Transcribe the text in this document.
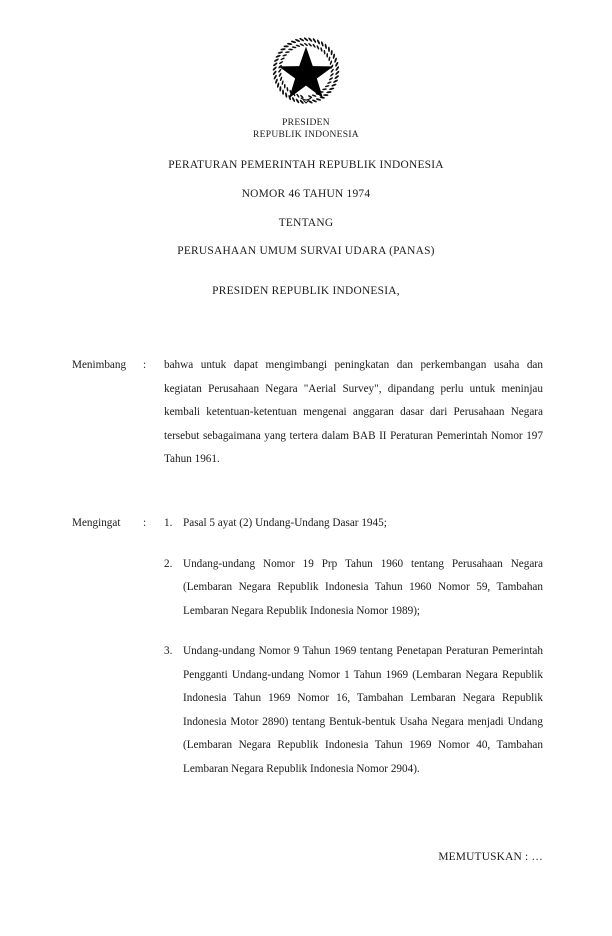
PRESIDEN
REPUBLIK INDONESIA
PERATURAN PEMERINTAH REPUBLIK INDONESIA
NOMOR 46 TAHUN 1974
TENTANG
PERUSAHAAN UMUM SURVAI UDARA (PANAS)
PRESIDEN REPUBLIK INDONESIA,
Menimbang	:	bahwa untuk dapat mengimbangi peningkatan dan perkembangan usaha dan kegiatan Perusahaan Negara "Aerial Survey", dipandang perlu untuk meninjau kembali ketentuan-ketentuan mengenai anggaran dasar dari Perusahaan Negara tersebut sebagaimana yang tertera dalam BAB II Peraturan Pemerintah Nomor 197 Tahun 1961.

Mengingat	:	1. Pasal 5 ayat (2) Undang-Undang Dasar 1945;
2. Undang-undang Nomor 19 Prp Tahun 1960 tentang Perusahaan Negara (Lembaran Negara Republik Indonesia Tahun 1960 Nomor 59, Tambahan Lembaran Negara Republik Indonesia Nomor 1989);
3. Undang-undang Nomor 9 Tahun 1969 tentang Penetapan Peraturan Pemerintah Pengganti Undang-undang Nomor 1 Tahun 1969 (Lembaran Negara Republik Indonesia Tahun 1969 Nomor 16, Tambahan Lembaran Negara Republik Indonesia Motor 2890) tentang Bentuk-bentuk Usaha Negara menjadi Undang (Lembaran Negara Republik Indonesia Tahun 1969 Nomor 40, Tambahan Lembaran Negara Republik Indonesia Nomor 2904).
MEMUTUSKAN : …
